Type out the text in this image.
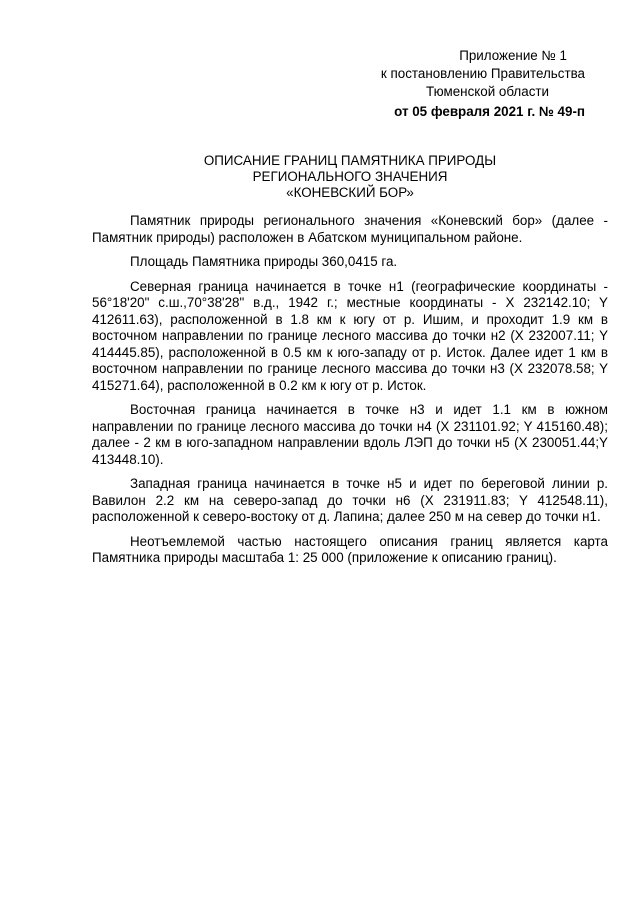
Приложение № 1
к постановлению Правительства
Тюменской области
от 05 февраля 2021 г. № 49-п
ОПИСАНИЕ ГРАНИЦ ПАМЯТНИКА ПРИРОДЫ
РЕГИОНАЛЬНОГО ЗНАЧЕНИЯ
«КОНЕВСКИЙ БОР»

Памятник природы регионального значения «Коневский бор» (далее - Памятник природы) расположен в Абатском муниципальном районе.

Площадь Памятника природы 360,0415 га.

Северная граница начинается в точке н1 (географические координаты - 56°18'20" с.ш.,70°38'28" в.д., 1942 г.; местные координаты - X 232142.10; Y 412611.63), расположенной в 1.8 км к югу от р. Ишим, и проходит 1.9 км в восточном направлении по границе лесного массива до точки н2 (X 232007.11; Y 414445.85), расположенной в 0.5 км к юго-западу от р. Исток. Далее идет 1 км в восточном направлении по границе лесного массива до точки н3 (X 232078.58; Y 415271.64), расположенной в 0.2 км к югу от р. Исток.

Восточная граница начинается в точке н3 и идет 1.1 км в южном направлении по границе лесного массива до точки н4 (X 231101.92; Y 415160.48); далее - 2 км в юго-западном направлении вдоль ЛЭП до точки н5 (X 230051.44;Y 413448.10).

Западная граница начинается в точке н5 и идет по береговой линии р. Вавилон 2.2 км на северо-запад до точки н6 (X 231911.83; Y 412548.11), расположенной к северо-востоку от д. Лапина; далее 250 м на север до точки н1.

Неотъемлемой частью настоящего описания границ является карта Памятника природы масштаба 1: 25 000 (приложение к описанию границ).
